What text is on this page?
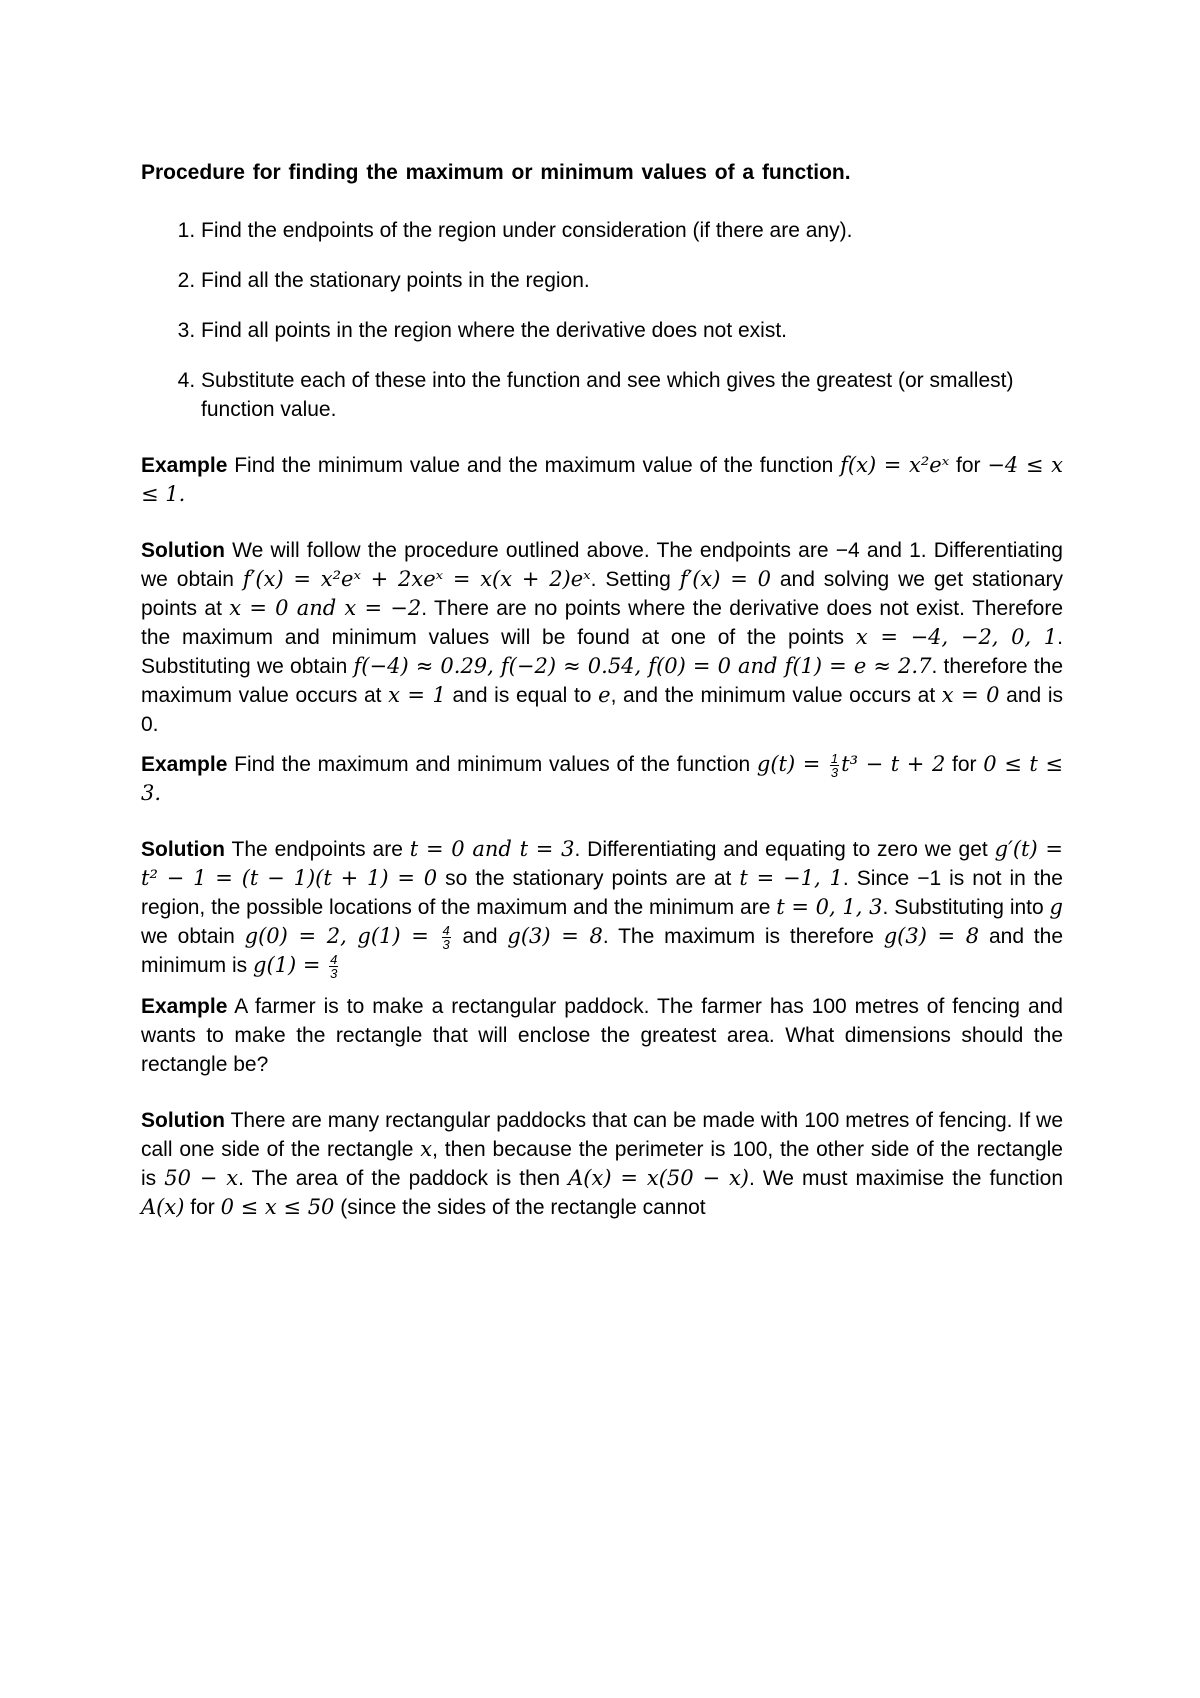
Procedure for finding the maximum or minimum values of a function.
1. Find the endpoints of the region under consideration (if there are any).
2. Find all the stationary points in the region.
3. Find all points in the region where the derivative does not exist.
4. Substitute each of these into the function and see which gives the greatest (or smallest) function value.
Example Find the minimum value and the maximum value of the function f(x) = x²eˣ for −4 ≤ x ≤ 1.
Solution We will follow the procedure outlined above. The endpoints are −4 and 1. Differentiating we obtain f′(x) = x²eˣ + 2xeˣ = x(x + 2)eˣ. Setting f′(x) = 0 and solving we get stationary points at x = 0 and x = −2. There are no points where the derivative does not exist. Therefore the maximum and minimum values will be found at one of the points x = −4, −2, 0, 1. Substituting we obtain f(−4) ≈ 0.29, f(−2) ≈ 0.54, f(0) = 0 and f(1) = e ≈ 2.7. therefore the maximum value occurs at x = 1 and is equal to e, and the minimum value occurs at x = 0 and is 0.
Example Find the maximum and minimum values of the function $g(t) = \frac{1}{3} t^3 - t + 2$ for 0 ≤ t ≤ 3.
Solution The endpoints are t = 0 and t = 3. Differentiating and equating to zero we get g′(t) = t² − 1 = (t − 1)(t + 1) = 0 so the stationary points are at t = −1, 1. Since −1 is not in the region, the possible locations of the maximum and the minimum are t = 0, 1, 3. Substituting into g we obtain g(0) = 2, $g(1) = \frac{4}{3}$ and g(3) = 8. The maximum is therefore g(3) = 8 and the minimum is $g(1) = \frac{4}{3}$
Example A farmer is to make a rectangular paddock. The farmer has 100 metres of fencing and wants to make the rectangle that will enclose the greatest area. What dimensions should the rectangle be?
Solution There are many rectangular paddocks that can be made with 100 metres of fencing. If we call one side of the rectangle x, then because the perimeter is 100, the other side of the rectangle is 50 − x. The area of the paddock is then A(x) = x(50 − x). We must maximise the function A(x) for 0 ≤ x ≤ 50 (since the sides of the rectangle cannot
